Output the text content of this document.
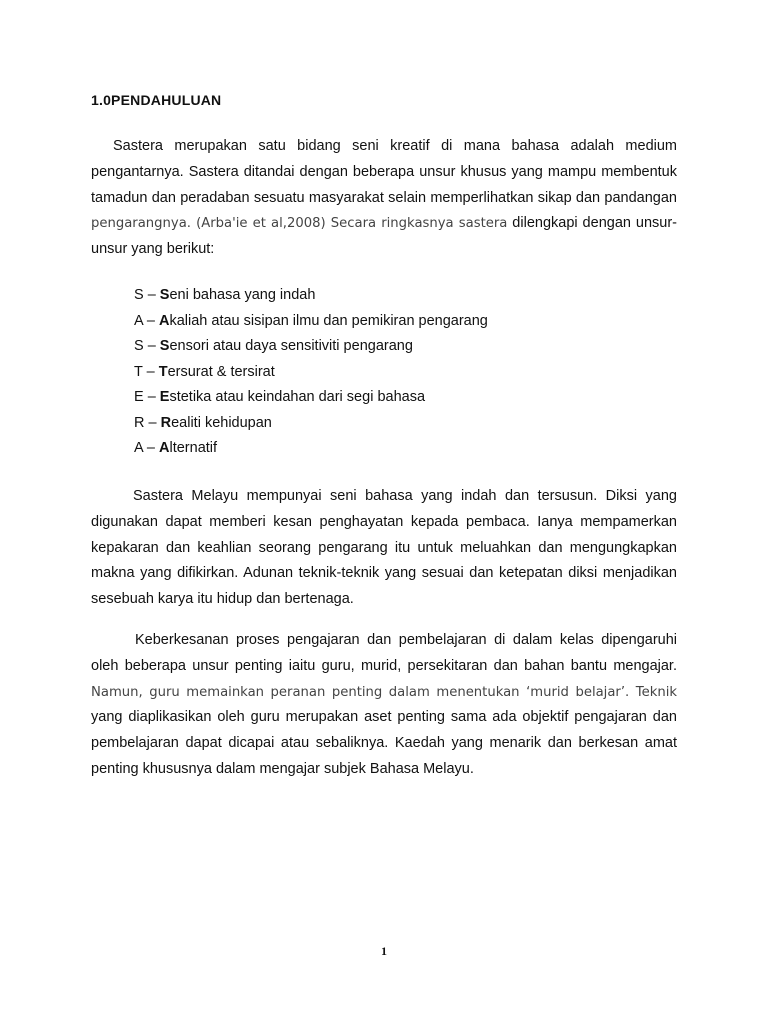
1.0PENDAHULUAN

Sastera merupakan satu bidang seni kreatif di mana bahasa adalah medium pengantarnya. Sastera ditandai dengan beberapa unsur khusus yang mampu membentuk tamadun dan peradaban sesuatu masyarakat selain memperlihatkan sikap dan pandangan pengarangnya. (Arba'ie et al,2008) Secara ringkasnya sastera dilengkapi dengan unsur-unsur yang berikut:

S – Seni bahasa yang indah
A – Akaliah atau sisipan ilmu dan pemikiran pengarang
S – Sensori atau daya sensitiviti pengarang
T – Tersurat & tersirat
E – Estetika atau keindahan dari segi bahasa
R – Realiti kehidupan
A – Alternatif

Sastera Melayu mempunyai seni bahasa yang indah dan tersusun. Diksi yang digunakan dapat memberi kesan penghayatan kepada pembaca. Ianya mempamerkan kepakaran dan keahlian seorang pengarang itu untuk meluahkan dan mengungkapkan makna yang difikirkan. Adunan teknik-teknik yang sesuai dan ketepatan diksi menjadikan sesebuah karya itu hidup dan bertenaga.

Keberkesanan proses pengajaran dan pembelajaran di dalam kelas dipengaruhi oleh beberapa unsur penting iaitu guru, murid, persekitaran dan bahan bantu mengajar. Namun, guru memainkan peranan penting dalam menentukan ‘murid belajar’. Teknik yang diaplikasikan oleh guru merupakan aset penting sama ada objektif pengajaran dan pembelajaran dapat dicapai atau sebaliknya. Kaedah yang menarik dan berkesan amat penting khususnya dalam mengajar subjek Bahasa Melayu.

1
